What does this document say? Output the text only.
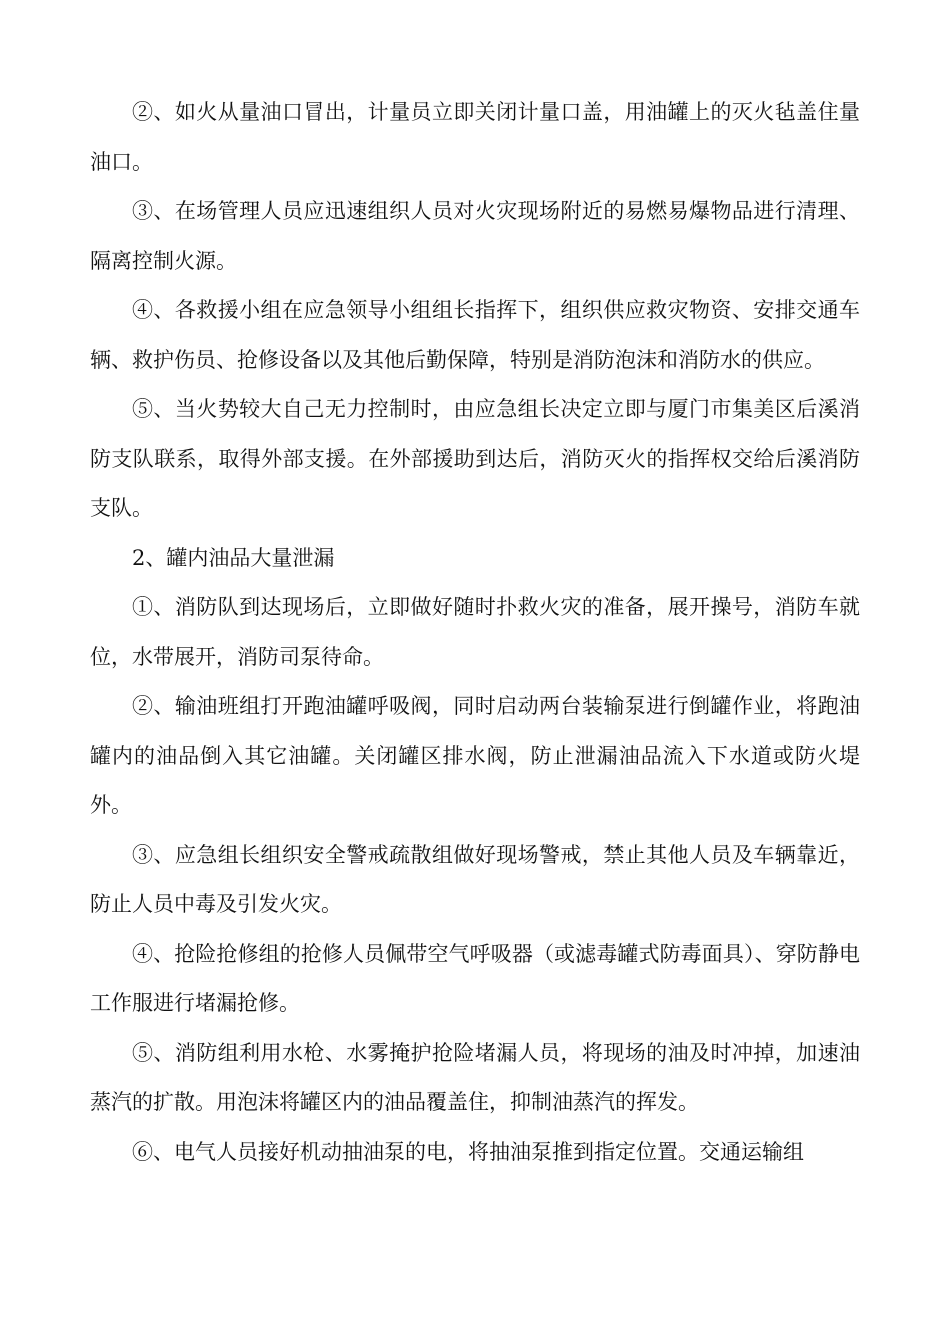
②、如火从量油口冒出，计量员立即关闭计量口盖，用油罐上的灭火毡盖住量油口。

③、在场管理人员应迅速组织人员对火灾现场附近的易燃易爆物品进行清理、隔离控制火源。

④、各救援小组在应急领导小组组长指挥下，组织供应救灾物资、安排交通车辆、救护伤员、抢修设备以及其他后勤保障，特别是消防泡沫和消防水的供应。

⑤、当火势较大自己无力控制时，由应急组长决定立即与厦门市集美区后溪消防支队联系，取得外部支援。在外部援助到达后，消防灭火的指挥权交给后溪消防支队。

2、罐内油品大量泄漏

①、消防队到达现场后，立即做好随时扑救火灾的准备，展开操号，消防车就位，水带展开，消防司泵待命。

②、输油班组打开跑油罐呼吸阀，同时启动两台装输泵进行倒罐作业，将跑油罐内的油品倒入其它油罐。关闭罐区排水阀，防止泄漏油品流入下水道或防火堤外。

③、应急组长组织安全警戒疏散组做好现场警戒，禁止其他人员及车辆靠近，防止人员中毒及引发火灾。

④、抢险抢修组的抢修人员佩带空气呼吸器（或滤毒罐式防毒面具）、穿防静电工作服进行堵漏抢修。

⑤、消防组利用水枪、水雾掩护抢险堵漏人员，将现场的油及时冲掉，加速油蒸汽的扩散。用泡沫将罐区内的油品覆盖住，抑制油蒸汽的挥发。

⑥、电气人员接好机动抽油泵的电，将抽油泵推到指定位置。交通运输组
